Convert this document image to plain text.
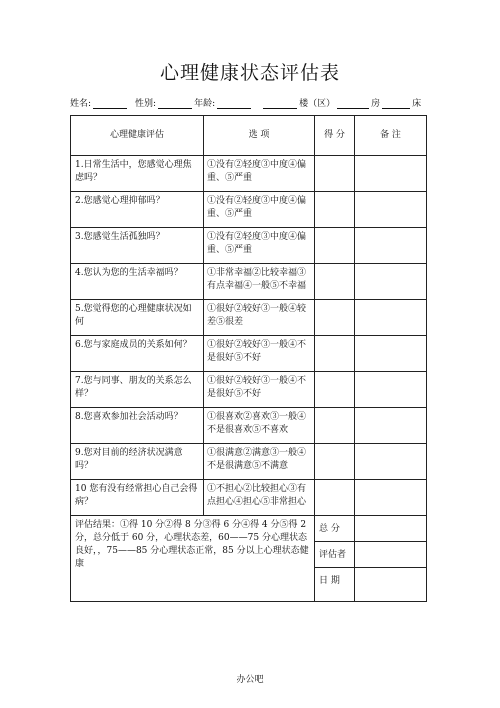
心理健康状态评估表
姓名:	性别:	年龄:	楼（区）	房	床
心理健康评估	选 项	得 分	备 注
1.日常生活中，您感觉心理焦虑吗？	①没有②轻度③中度④偏重、⑤严重		
2.您感觉心理抑郁吗？	①没有②轻度③中度④偏重、⑤严重		
3.您感觉生活孤独吗？	①没有②轻度③中度④偏重、⑤严重		
4.您认为您的生活幸福吗？	①非常幸福②比较幸福③有点幸福④一般⑤不幸福		
5.您觉得您的心理健康状况如何	①很好②较好③一般④较差⑤很差		
6.您与家庭成员的关系如何？	①很好②较好③一般④不是很好⑤不好		
7.您与同事、朋友的关系怎么样？	①很好②较好③一般④不是很好⑤不好		
8.您喜欢参加社会活动吗？	①很喜欢②喜欢③一般④不是很喜欢⑤不喜欢		
9.您对目前的经济状况满意吗？	①很满意②满意③一般④不是很满意⑤不满意		
10 您有没有经常担心自己会得病？	①不担心②比较担心③有点担心④担心⑤非常担心		
评估结果：①得 10 分②得 8 分③得 6 分④得 4 分⑤得 2 分，总分低于 60 分，心理状态差，60——75 分心理状态良好，，75——85 分心理状态正常，85 分以上心理状态健康		总 分
评估者
日 期	

办公吧
